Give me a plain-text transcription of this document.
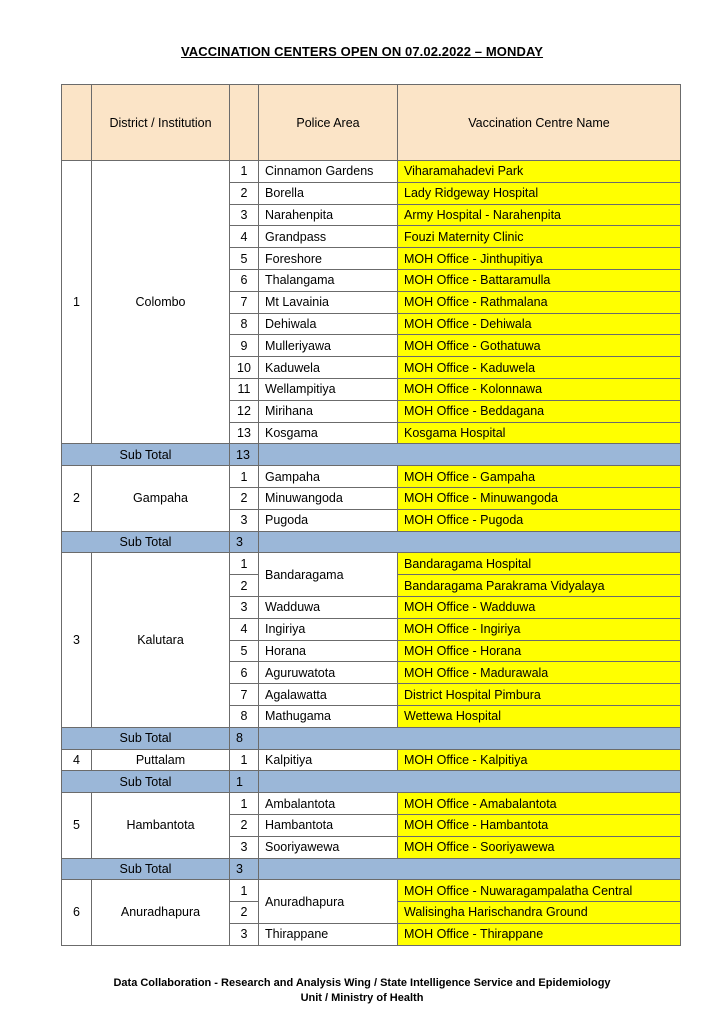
VACCINATION CENTERS OPEN ON 07.02.2022 – MONDAY
	District / Institution		Police Area	Vaccination Centre Name
1	Colombo	1	Cinnamon Gardens	Viharamahadevi Park
		2	Borella	Lady Ridgeway Hospital
		3	Narahenpita	Army Hospital - Narahenpita
		4	Grandpass	Fouzi Maternity Clinic
		5	Foreshore	MOH Office - Jinthupitiya
		6	Thalangama	MOH Office - Battaramulla
		7	Mt Lavainia	MOH Office - Rathmalana
		8	Dehiwala	MOH Office - Dehiwala
		9	Mulleriyawa	MOH Office - Gothatuwa
		10	Kaduwela	MOH Office - Kaduwela
		11	Wellampitiya	MOH Office - Kolonnawa
		12	Mirihana	MOH Office - Beddagana
		13	Kosgama	Kosgama Hospital
Sub Total		13		
2	Gampaha	1	Gampaha	MOH Office - Gampaha
		2	Minuwangoda	MOH Office - Minuwangoda
		3	Pugoda	MOH Office - Pugoda
Sub Total		3		
3	Kalutara	1	Bandaragama	Bandaragama Hospital
		2		Bandaragama Parakrama Vidyalaya
		3	Wadduwa	MOH Office - Wadduwa
		4	Ingiriya	MOH Office - Ingiriya
		5	Horana	MOH Office - Horana
		6	Aguruwatota	MOH Office - Madurawala
		7	Agalawatta	District Hospital Pimbura
		8	Mathugama	Wettewa Hospital
Sub Total		8		
4	Puttalam	1	Kalpitiya	MOH Office - Kalpitiya
Sub Total		1		
5	Hambantota	1	Ambalantota	MOH Office - Amabalantota
		2	Hambantota	MOH Office - Hambantota
		3	Sooriyawewa	MOH Office - Sooriyawewa
Sub Total		3		
6	Anuradhapura	1	Anuradhapura	MOH Office - Nuwaragampalatha Central
		2		Walisingha Harischandra Ground
		3	Thirappane	MOH Office - Thirappane
Data Collaboration - Research and Analysis Wing / State Intelligence Service and Epidemiology
Unit / Ministry of Health
